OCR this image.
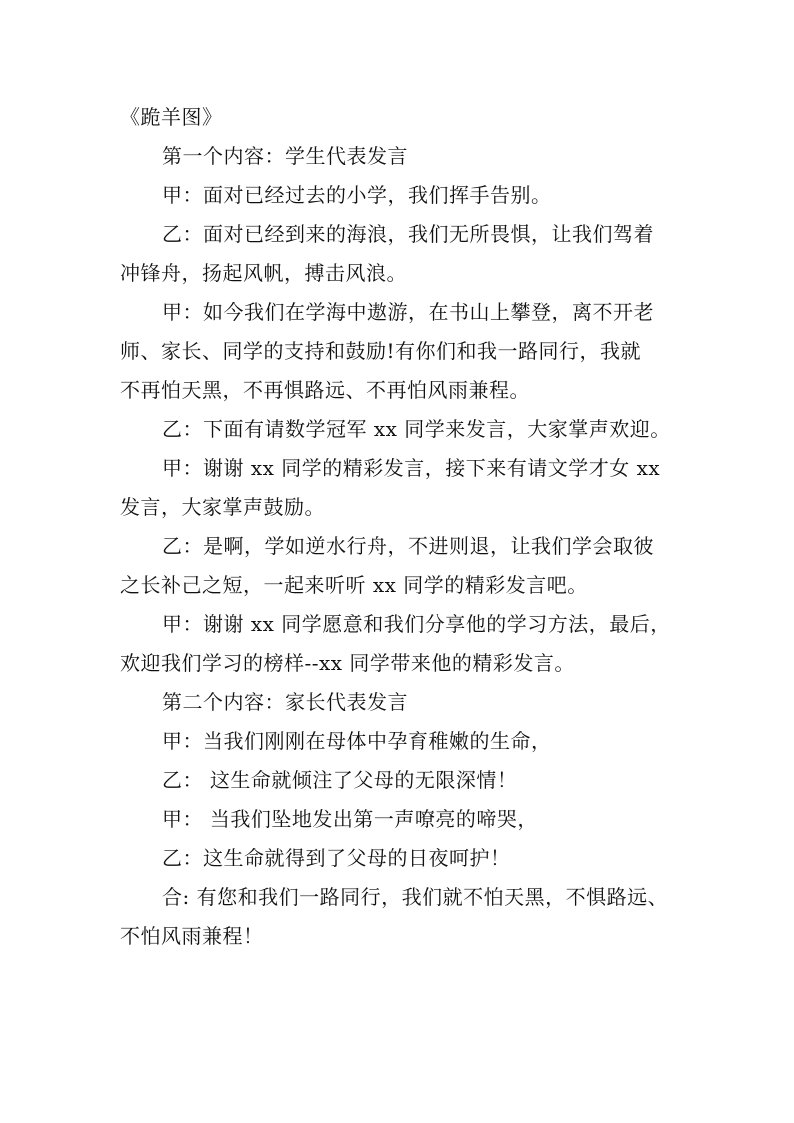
《跪羊图》
第一个内容：学生代表发言
甲：面对已经过去的小学，我们挥手告别。
乙：面对已经到来的海浪，我们无所畏惧，让我们驾着
冲锋舟，扬起风帆，搏击风浪。
甲：如今我们在学海中遨游，在书山上攀登，离不开老
师、家长、同学的支持和鼓励!有你们和我一路同行，我就
不再怕天黑，不再惧路远、不再怕风雨兼程。
乙：下面有请数学冠军 xx 同学来发言，大家掌声欢迎。
甲：谢谢 xx 同学的精彩发言，接下来有请文学才女 xx
发言，大家掌声鼓励。
乙：是啊，学如逆水行舟，不进则退，让我们学会取彼
之长补己之短，一起来听听 xx 同学的精彩发言吧。
甲：谢谢 xx 同学愿意和我们分享他的学习方法，最后，
欢迎我们学习的榜样--xx 同学带来他的精彩发言。
第二个内容：家长代表发言
甲：当我们刚刚在母体中孕育稚嫩的生命，
乙： 这生命就倾注了父母的无限深情！
甲： 当我们坠地发出第一声嘹亮的啼哭，
乙：这生命就得到了父母的日夜呵护！
合: 有您和我们一路同行，我们就不怕天黑，不惧路远、
不怕风雨兼程！
